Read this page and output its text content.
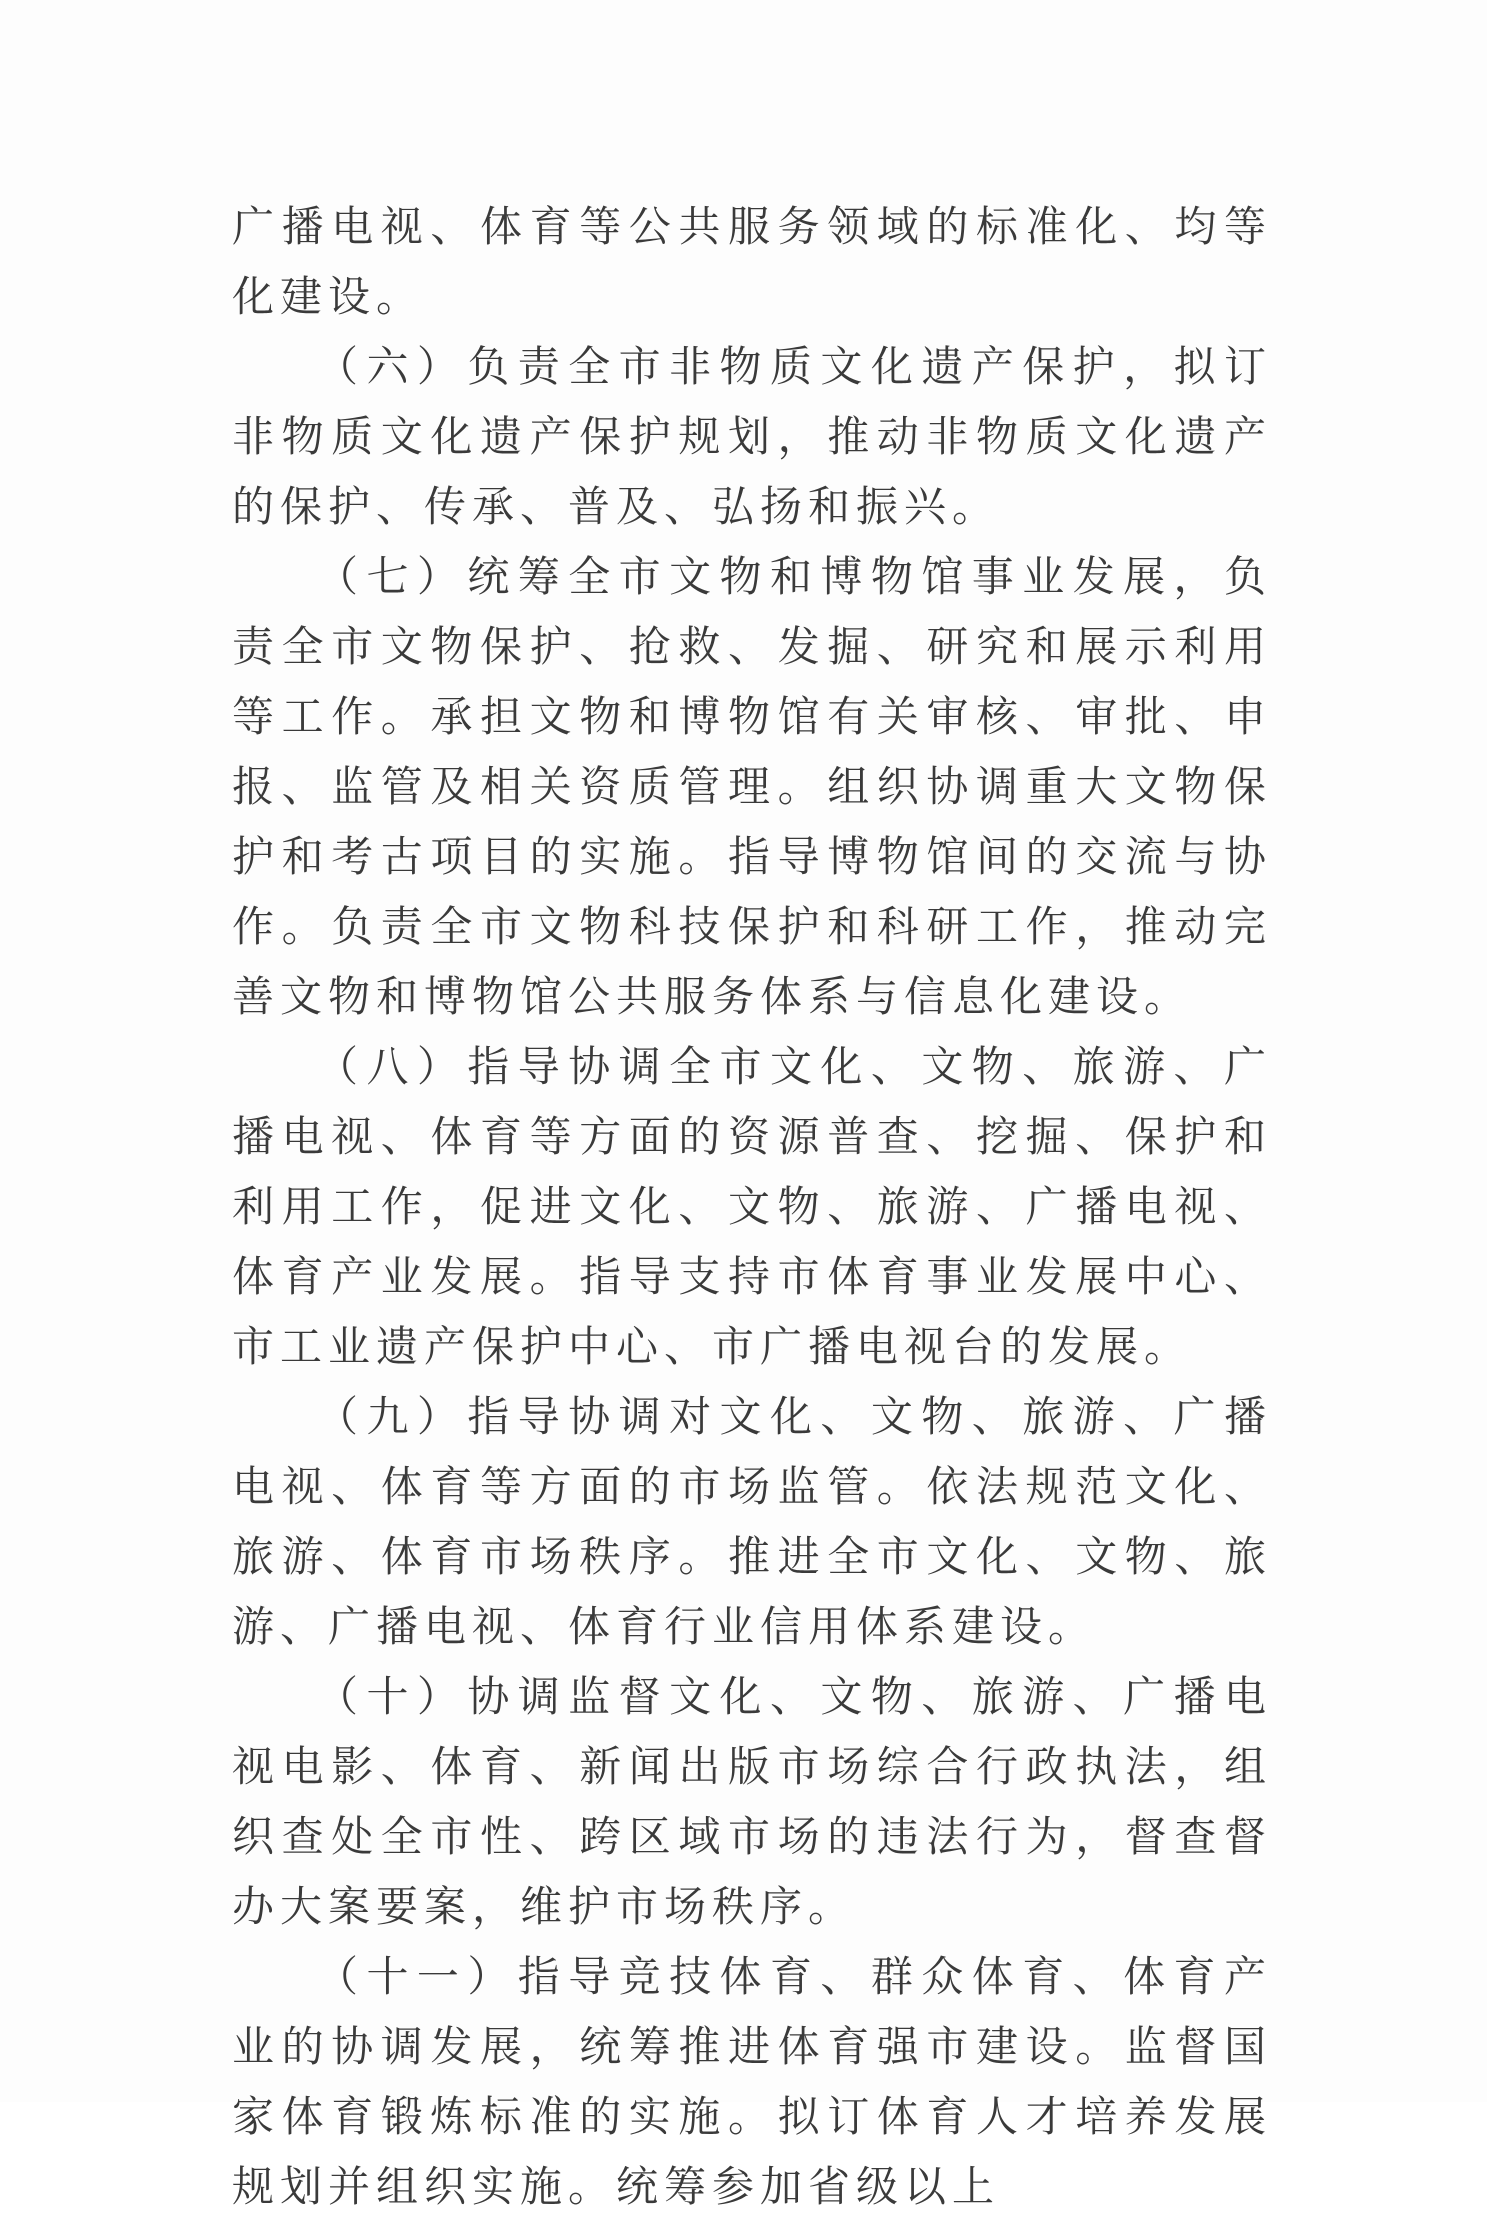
广播电视、体育等公共服务领域的标准化、均等化建设。

（六）负责全市非物质文化遗产保护，拟订非物质文化遗产保护规划，推动非物质文化遗产的保护、传承、普及、弘扬和振兴。

（七）统筹全市文物和博物馆事业发展，负责全市文物保护、抢救、发掘、研究和展示利用等工作。承担文物和博物馆有关审核、审批、申报、监管及相关资质管理。组织协调重大文物保护和考古项目的实施。指导博物馆间的交流与协作。负责全市文物科技保护和科研工作，推动完善文物和博物馆公共服务体系与信息化建设。

（八）指导协调全市文化、文物、旅游、广播电视、体育等方面的资源普查、挖掘、保护和利用工作，促进文化、文物、旅游、广播电视、体育产业发展。指导支持市体育事业发展中心、市工业遗产保护中心、市广播电视台的发展。

（九）指导协调对文化、文物、旅游、广播电视、体育等方面的市场监管。依法规范文化、旅游、体育市场秩序。推进全市文化、文物、旅游、广播电视、体育行业信用体系建设。

（十）协调监督文化、文物、旅游、广播电视电影、体育、新闻出版市场综合行政执法，组织查处全市性、跨区域市场的违法行为，督查督办大案要案，维护市场秩序。

（十一）指导竞技体育、群众体育、体育产业的协调发展，统筹推进体育强市建设。监督国家体育锻炼标准的实施。拟订体育人才培养发展规划并组织实施。统筹参加省级以上
